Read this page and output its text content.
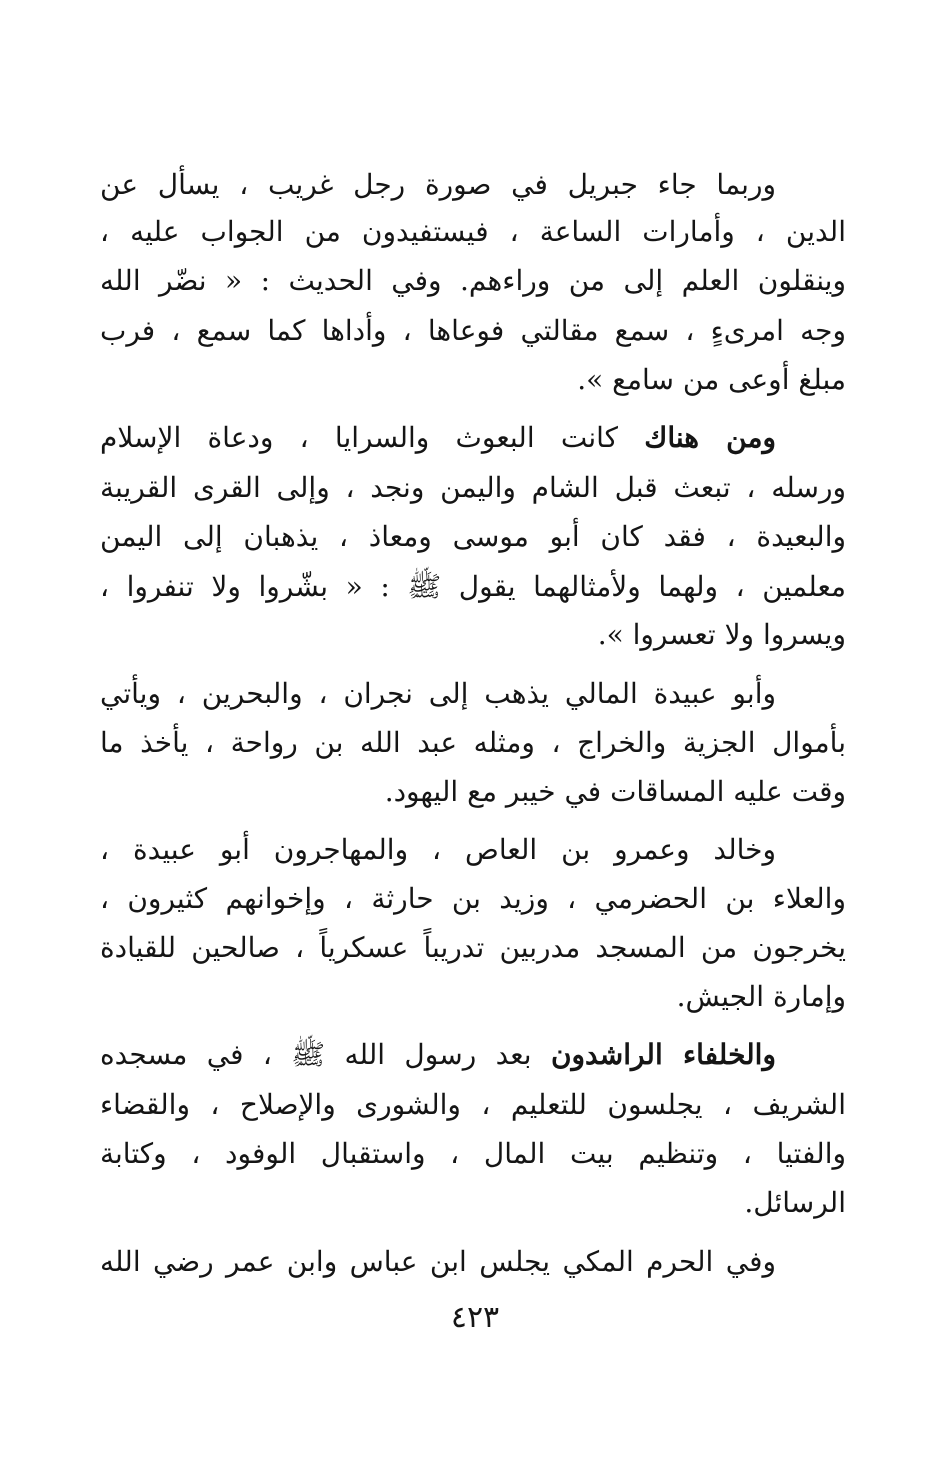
وربما جاء جبريل في صورة رجل غريب ، يسأل عن
الدين ، وأمارات الساعة ، فيستفيدون من الجواب عليه ،
وينقلون العلم إلى من وراءهم. وفي الحديث : « نضّر الله
وجه امرىءٍ ، سمع مقالتي فوعاها ، وأداها كما سمع ، فرب
مبلغ أوعى من سامع ».
ومن هناك كانت البعوث والسرايا ، ودعاة الإسلام
ورسله ، تبعث قبل الشام واليمن ونجد ، وإلى القرى القريبة
والبعيدة ، فقد كان أبو موسى ومعاذ ، يذهبان إلى اليمن
معلمين ، ولهما ولأمثالهما يقول ﷺ : « بشّروا ولا تنفروا ،
ويسروا ولا تعسروا ».
وأبو عبيدة المالي يذهب إلى نجران ، والبحرين ، ويأتي
بأموال الجزية والخراج ، ومثله عبد الله بن رواحة ، يأخذ ما
وقت عليه المساقات في خيبر مع اليهود.
وخالد وعمرو بن العاص ، والمهاجرون أبو عبيدة ،
والعلاء بن الحضرمي ، وزيد بن حارثة ، وإخوانهم كثيرون ،
يخرجون من المسجد مدربين تدريباً عسكرياً ، صالحين للقيادة
وإمارة الجيش.
والخلفاء الراشدون بعد رسول الله ﷺ ، في مسجده
الشريف ، يجلسون للتعليم ، والشورى والإصلاح ، والقضاء
والفتيا ، وتنظيم بيت المال ، واستقبال الوفود ، وكتابة
الرسائل.
وفي الحرم المكي يجلس ابن عباس وابن عمر رضي الله
٤٢٣
